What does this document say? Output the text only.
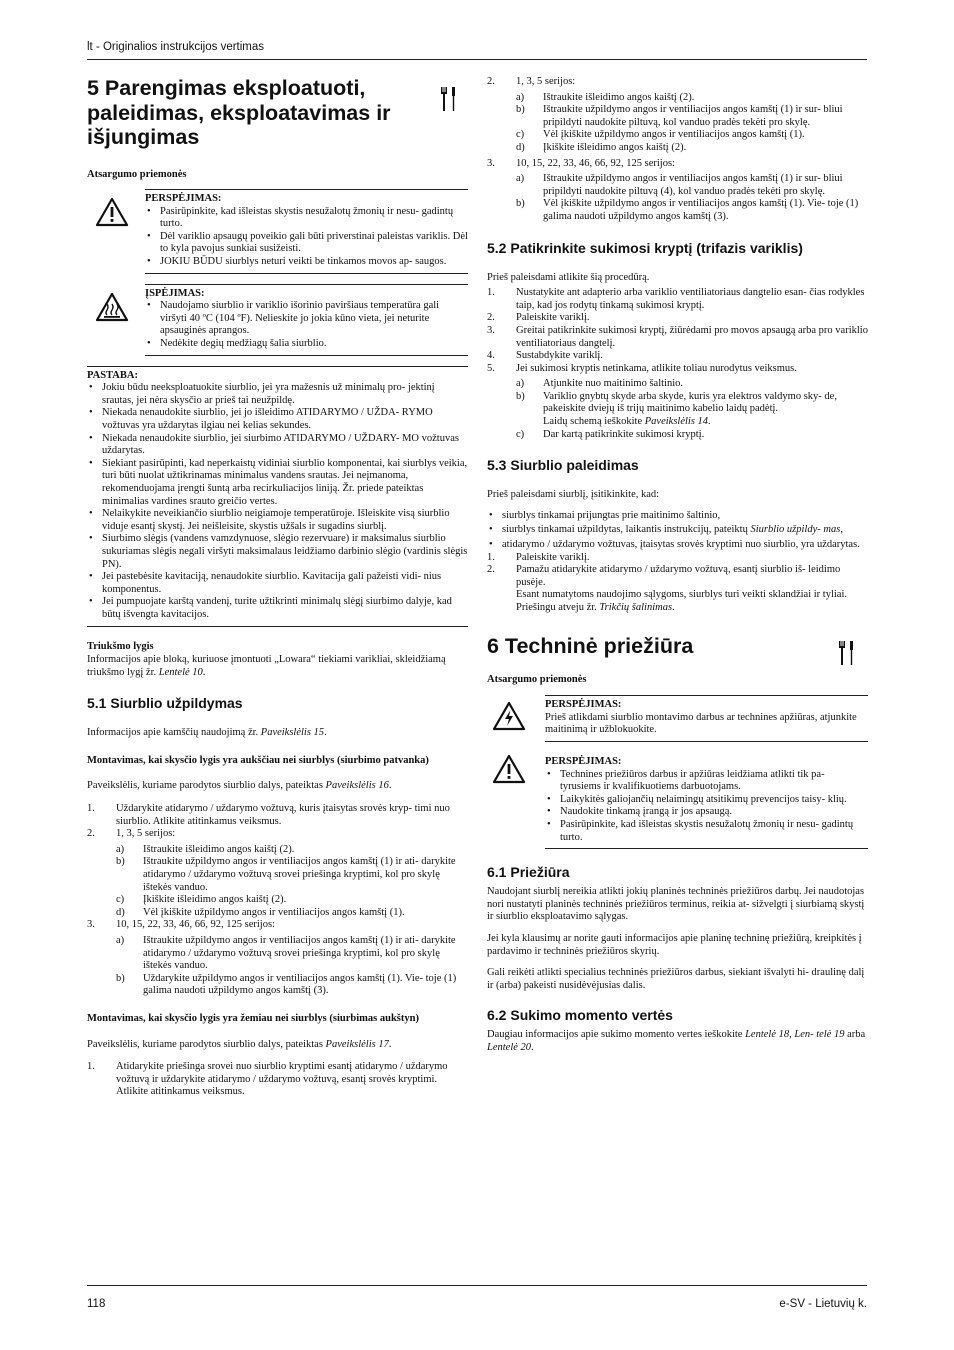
lt - Originalios instrukcijos vertimas
5 Parengimas eksploatuoti, paleidimas, eksploatavimas ir išjungimas

Atsargumo priemonės

PERSPĖJIMAS:

• Pasirūpinkite, kad išleistas skystis nesužalotų žmonių ir nesu- gadintų turto.
• Dėl variklio apsaugų poveikio gali būti priverstinai paleistas variklis. Dėl to kyla pavojus sunkiai susižeisti.
• JOKIU BŪDU siurblys neturi veikti be tinkamos movos ap- saugos.

ĮSPĖJIMAS:

• Naudojamo siurblio ir variklio išorinio paviršiaus temperatūra gali viršyti 40 ºC (104 ºF). Nelieskite jo jokia kūno vieta, jei neturite apsauginės aprangos.
• Nedėkite degių medžiagų šalia siurblio.

PASTABA:

• Jokiu būdu neeksploatuokite siurblio, jei yra mažesnis už minimalų pro- jektinį srautas, jei nėra skysčio ar prieš tai neužpildę.
• Niekada nenaudokite siurblio, jei jo išleidimo ATIDARYMO / UŽDA- RYMO vožtuvas yra uždarytas ilgiau nei kelias sekundes.
• Niekada nenaudokite siurblio, jei siurbimo ATIDARYMO / UŽDARY- MO vožtuvas uždarytas.
• Siekiant pasirūpinti, kad neperkaistų vidiniai siurblio komponentai, kai siurblys veikia, turi būti nuolat užtikrinamas minimalus vandens srautas. Jei neįmanoma, rekomenduojama įrengti šuntą arba recirkuliacijos liniją. Žr. priede pateiktas minimalias vardines srauto greičio vertes.
• Nelaikykite neveikiančio siurblio neigiamoje temperatūroje. Išleiskite visą siurblio viduje esantį skystį. Jei neišleisite, skystis užšals ir sugadins siurblį.
• Siurbimo slėgis (vandens vamzdynuose, slėgio rezervuare) ir maksimalus siurblio sukuriamas slėgis negali viršyti maksimalaus leidžiamo darbinio slėgio (vardinis slėgis PN).
• Jei pastebėsite kavitaciją, nenaudokite siurblio. Kavitacija gali pažeisti vidi- nius komponentus.
• Jei pumpuojate karštą vandenį, turite užtikrinti minimalų slėgį siurbimo dalyje, kad būtų išvengta kavitacijos.

Triukšmo lygis

Informacijos apie bloką, kuriuose įmontuoti „Lowara“ tiekiami varikliai, skleidžiamą triukšmo lygį žr. Lentelė 10.

5.1 Siurblio užpildymas

Informacijos apie kamščių naudojimą žr. Paveikslėlis 15.

Montavimas, kai skysčio lygis yra aukščiau nei siurblys (siurbimo patvanka)

Paveikslėlis, kuriame parodytos siurblio dalys, pateiktas Paveikslėlis 16.

1. Uždarykite atidarymo / uždarymo vožtuvą, kuris įtaisytas srovės kryp- timi nuo siurblio. Atlikite atitinkamus veiksmus.
2. 1, 3, 5 serijos:
a) Ištraukite išleidimo angos kaištį (2).
b) Ištraukite užpildymo angos ir ventiliacijos angos kamštį (1) ir ati- darykite atidarymo / uždarymo vožtuvą srovei priešinga kryptimi, kol pro skylę ištekės vanduo.
c) Įkiškite išleidimo angos kaištį (2).
d) Vėl įkiškite užpildymo angos ir ventiliacijos angos kamštį (1).
3. 10, 15, 22, 33, 46, 66, 92, 125 serijos:
a) Ištraukite užpildymo angos ir ventiliacijos angos kamštį (1) ir ati- darykite atidarymo / uždarymo vožtuvą srovei priešinga kryptimi, kol pro skylę ištekės vanduo.
b) Uždarykite užpildymo angos ir ventiliacijos angos kamštį (1). Vie- toje (1) galima naudoti užpildymo angos kamštį (3).

Montavimas, kai skysčio lygis yra žemiau nei siurblys (siurbimas aukštyn)

Paveikslėlis, kuriame parodytos siurblio dalys, pateiktas Paveikslėlis 17.

1. Atidarykite priešinga srovei nuo siurblio kryptimi esantį atidarymo / uždarymo vožtuvą ir uždarykite atidarymo / uždarymo vožtuvą, esantį srovės kryptimi. Atlikite atitinkamus veiksmus.
2. 1, 3, 5 serijos:
a) Ištraukite išleidimo angos kaištį (2).
b) Ištraukite užpildymo angos ir ventiliacijos angos kamštį (1) ir sur- bliui pripildyti naudokite piltuvą, kol vanduo pradės tekėti pro skylę.
c) Vėl įkiškite užpildymo angos ir ventiliacijos angos kamštį (1).
d) Įkiškite išleidimo angos kaištį (2).
3. 10, 15, 22, 33, 46, 66, 92, 125 serijos:
a) Ištraukite užpildymo angos ir ventiliacijos angos kamštį (1) ir sur- bliui pripildyti naudokite piltuvą (4), kol vanduo pradės tekėti pro skylę.
b) Vėl įkiškite užpildymo angos ir ventiliacijos angos kamštį (1). Vie- toje (1) galima naudoti užpildymo angos kamštį (3).
5.2 Patikrinkite sukimosi kryptį (trifazis variklis)

Prieš paleisdami atlikite šią procedūrą.

1. Nustatykite ant adapterio arba variklio ventiliatoriaus dangtelio esan- čias rodykles taip, kad jos rodytų tinkamą sukimosi kryptį.
2. Paleiskite variklį.
3. Greitai patikrinkite sukimosi kryptį, žiūrėdami pro movos apsaugą arba pro variklio ventiliatoriaus dangtelį.
4. Sustabdykite variklį.
5. Jei sukimosi kryptis netinkama, atlikite toliau nurodytus veiksmus.
a) Atjunkite nuo maitinimo šaltinio.
b) Variklio gnybtų skyde arba skyde, kuris yra elektros valdymo sky- de, pakeiskite dviejų iš trijų maitinimo kabelio laidų padėtį.
Laidų schemą ieškokite Paveikslėlis 14.
c) Dar kartą patikrinkite sukimosi kryptį.
5.3 Siurblio paleidimas

Prieš paleisdami siurblį, įsitikinkite, kad:

• siurblys tinkamai prijungtas prie maitinimo šaltinio,
• siurblys tinkamai užpildytas, laikantis instrukcijų, pateiktų Siurblio užpildy- mas,
• atidarymo / uždarymo vožtuvas, įtaisytas srovės kryptimi nuo siurblio, yra uždarytas.
1. Paleiskite variklį.
2. Pamažu atidarykite atidarymo / uždarymo vožtuvą, esantį siurblio iš- leidimo pusėje.
Esant numatytoms naudojimo sąlygoms, siurblys turi veikti sklandžiai ir tyliai. Priešingu atveju žr. Trikčių šalinimas.
6 Techninė priežiūra

Atsargumo priemonės

PERSPĖJIMAS:

Prieš atlikdami siurblio montavimo darbus ar technines apžiūras, atjunkite maitinimą ir užblokuokite.

PERSPĖJIMAS:

• Technines priežiūros darbus ir apžiūras leidžiama atlikti tik pa- tyrusiems ir kvalifikuotiems darbuotojams.
• Laikykitės galiojančių nelaimingų atsitikimų prevencijos taisy- klių.
• Naudokite tinkamą įrangą ir jos apsaugą.
• Pasirūpinkite, kad išleistas skystis nesužalotų žmonių ir nesu- gadintų turto.
6.1 Priežiūra

Naudojant siurblį nereikia atlikti jokių planinės techninės priežiūros darbų. Jei naudotojas nori nustatyti planinės techninės priežiūros terminus, reikia at- sižvelgti į siurbiamą skystį ir siurblio eksploatavimo sąlygas.

Jei kyla klausimų ar norite gauti informacijos apie planinę techninę priežiūrą, kreipkitės į pardavimo ir techninės priežiūros skyrių.

Gali reikėti atlikti specialius techninės priežiūros darbus, siekiant išvalyti hi- draulinę dalį ir (arba) pakeisti nusidėvėjusias dalis.

6.2 Sukimo momento vertės

Daugiau informacijos apie sukimo momento vertes ieškokite Lentelė 18, Len- telė 19 arba Lentelė 20.

118	e-SV - Lietuvių k.
